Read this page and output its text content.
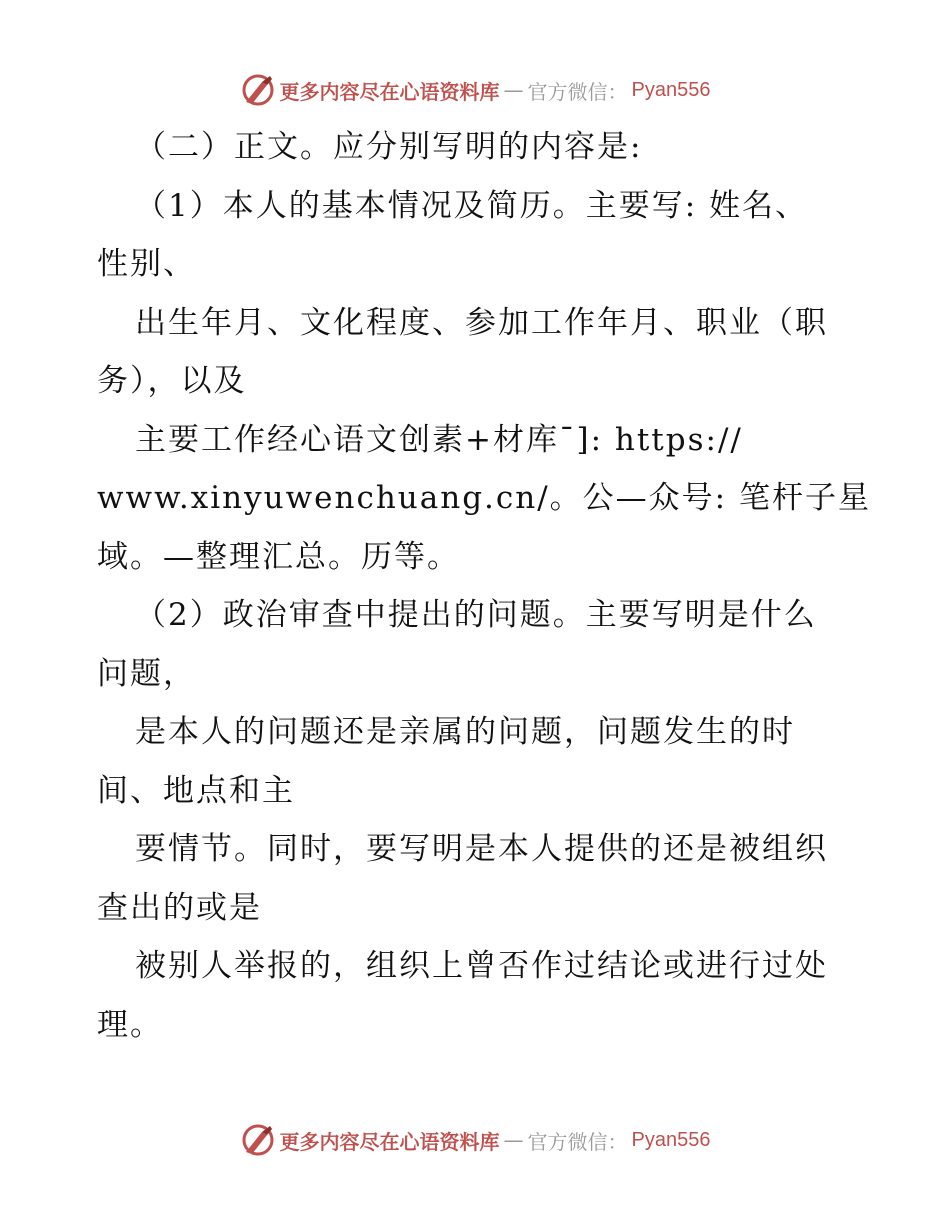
更多内容尽在心语资料库 — 官方微信： Pyan556
（二）正文。应分别写明的内容是:
（1）本人的基本情况及简历。主要写: 姓名、
性别、
出生年月、文化程度、参加工作年月、职业（职
务），以及
主要工作经心语文创素+材库¯]: https://
www.xinyuwenchuang.cn/。公—众号: 笔杆子星
域。—整理汇总。历等。
（2）政治审查中提出的问题。主要写明是什么
问题，
是本人的问题还是亲属的问题，问题发生的时
间、地点和主
要情节。同时，要写明是本人提供的还是被组织
查出的或是
被别人举报的，组织上曾否作过结论或进行过处
理。
更多内容尽在心语资料库 — 官方微信： Pyan556
